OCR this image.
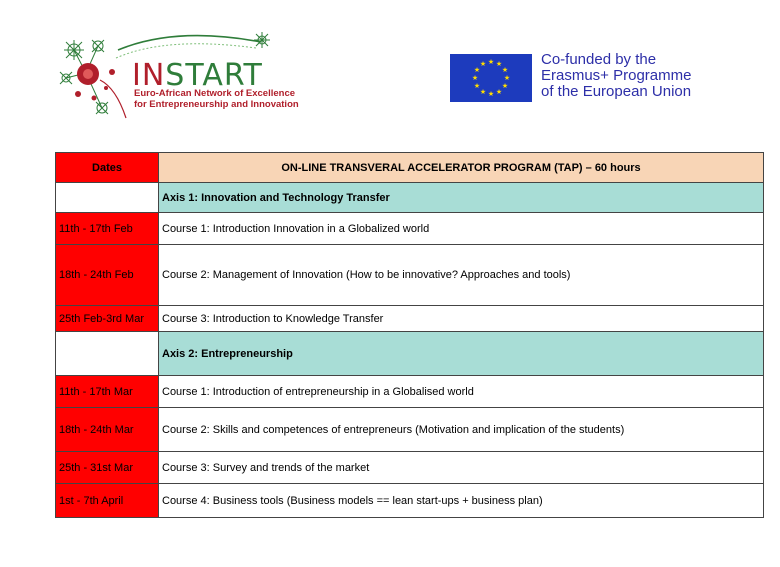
INSTART
Euro-African Network of Excellence for Entrepreneurship and Innovation
★ ★
★
★
★
★
★
★
★
★
★
★	Co-funded by the
Erasmus+ Programme
of the European Union
Dates	ON-LINE TRANSVERAL ACCELERATOR PROGRAM (TAP) – 60 hours
	Axis 1: Innovation and Technology Transfer
11th - 17th Feb	Course 1: Introduction Innovation in a Globalized world
18th - 24th Feb	Course 2: Management of Innovation (How to be innovative? Approaches and tools)
25th Feb-3rd Mar	Course 3: Introduction to Knowledge Transfer
	Axis 2: Entrepreneurship
11th - 17th Mar	Course 1: Introduction of entrepreneurship in a Globalised world
18th - 24th Mar	Course 2: Skills and competences of entrepreneurs (Motivation and implication of the students)
25th - 31st Mar	Course 3: Survey and trends of the market
1st - 7th April	Course 4: Business tools (Business models == lean start-ups + business plan)
